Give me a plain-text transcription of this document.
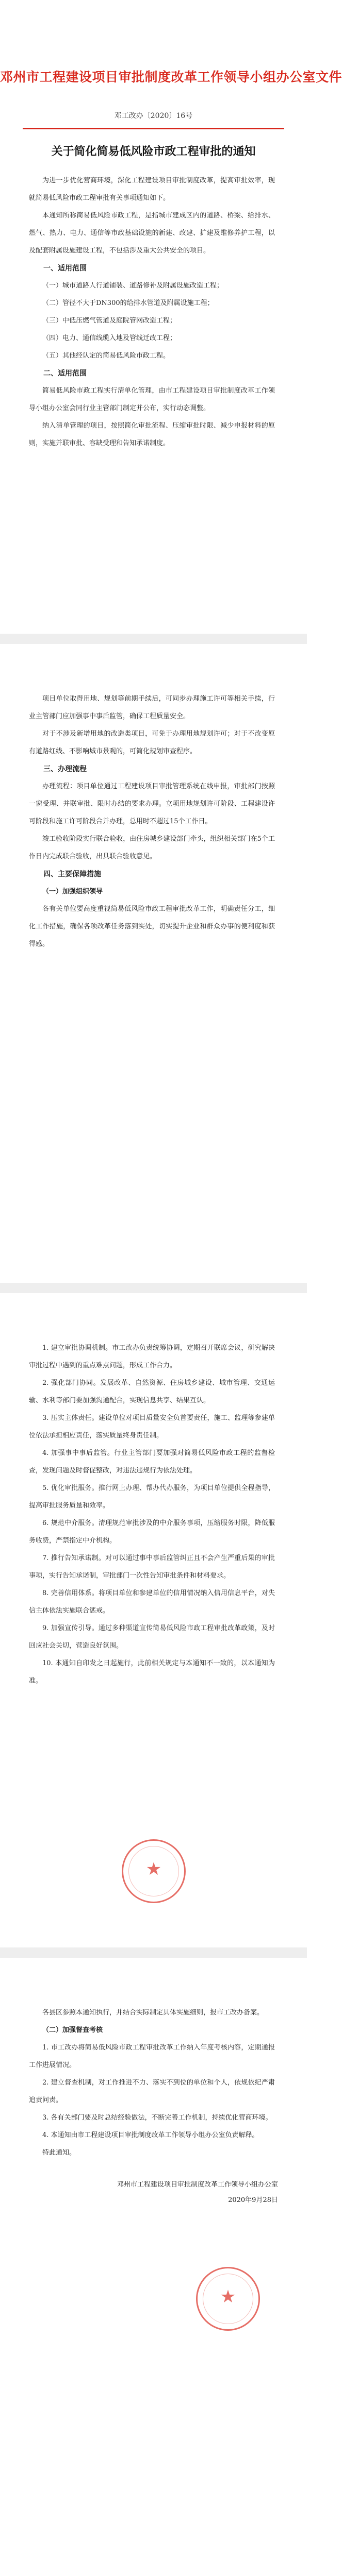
邓州市工程建设项目审批制度改革工作领导小组办公室文件
邓工改办〔2020〕16号
关于简化简易低风险市政工程审批的通知

为进一步优化营商环境，深化工程建设项目审批制度改革，提高审批效率，现就简易低风险市政工程审批有关事项通知如下。

本通知所称简易低风险市政工程，是指城市建成区内的道路、桥梁、给排水、燃气、热力、电力、通信等市政基础设施的新建、改建、扩建及维修养护工程，以及配套附属设施建设工程，不包括涉及重大公共安全的项目。

一、适用范围

（一）城市道路人行道铺装、道路修补及附属设施改造工程；

（二）管径不大于DN300的给排水管道及附属设施工程；

（三）中低压燃气管道及庭院管网改造工程；

（四）电力、通信线缆入地及管线迁改工程；

（五）其他经认定的简易低风险市政工程。

二、适用范围

简易低风险市政工程实行清单化管理，由市工程建设项目审批制度改革工作领导小组办公室会同行业主管部门制定并公布，实行动态调整。

纳入清单管理的项目，按照简化审批流程、压缩审批时限、减少申报材料的原则，实施并联审批、容缺受理和告知承诺制度。

项目单位取得用地、规划等前期手续后，可同步办理施工许可等相关手续，行业主管部门应加强事中事后监管，确保工程质量安全。

对于不涉及新增用地的改造类项目，可免于办理用地规划许可；对于不改变原有道路红线、不影响城市景观的，可简化规划审查程序。

三、办理流程

办理流程：项目单位通过工程建设项目审批管理系统在线申报，审批部门按照一窗受理、并联审批、限时办结的要求办理。立项用地规划许可阶段、工程建设许可阶段和施工许可阶段合并办理，总用时不超过15个工作日。

竣工验收阶段实行联合验收，由住房城乡建设部门牵头，组织相关部门在5个工作日内完成联合验收，出具联合验收意见。

四、主要保障措施

（一）加强组织领导

各有关单位要高度重视简易低风险市政工程审批改革工作，明确责任分工，细化工作措施，确保各项改革任务落到实处，切实提升企业和群众办事的便利度和获得感。

1. 建立审批协调机制。市工改办负责统筹协调，定期召开联席会议，研究解决审批过程中遇到的重点难点问题，形成工作合力。

2. 强化部门协同。发展改革、自然资源、住房城乡建设、城市管理、交通运输、水利等部门要加强沟通配合，实现信息共享、结果互认。

3. 压实主体责任。建设单位对项目质量安全负首要责任，施工、监理等参建单位依法承担相应责任，落实质量终身责任制。

4. 加强事中事后监管。行业主管部门要加强对简易低风险市政工程的监督检查，发现问题及时督促整改，对违法违规行为依法处理。

5. 优化审批服务。推行网上办理、帮办代办服务，为项目单位提供全程指导，提高审批服务质量和效率。

6. 规范中介服务。清理规范审批涉及的中介服务事项，压缩服务时限，降低服务收费，严禁指定中介机构。

7. 推行告知承诺制。对可以通过事中事后监管纠正且不会产生严重后果的审批事项，实行告知承诺制，审批部门一次性告知审批条件和材料要求。

8. 完善信用体系。将项目单位和参建单位的信用情况纳入信用信息平台，对失信主体依法实施联合惩戒。

9. 加强宣传引导。通过多种渠道宣传简易低风险市政工程审批改革政策，及时回应社会关切，营造良好氛围。

10. 本通知自印发之日起施行，此前相关规定与本通知不一致的，以本通知为准。

★

各县区参照本通知执行，并结合实际制定具体实施细则，报市工改办备案。

（二）加强督查考核

1. 市工改办将简易低风险市政工程审批改革工作纳入年度考核内容，定期通报工作进展情况。

2. 建立督查机制，对工作推进不力、落实不到位的单位和个人，依规依纪严肃追责问责。

3. 各有关部门要及时总结经验做法，不断完善工作机制，持续优化营商环境。

4. 本通知由市工程建设项目审批制度改革工作领导小组办公室负责解释。

特此通知。

邓州市工程建设项目审批制度改革工作领导小组办公室
2020年9月28日
★
